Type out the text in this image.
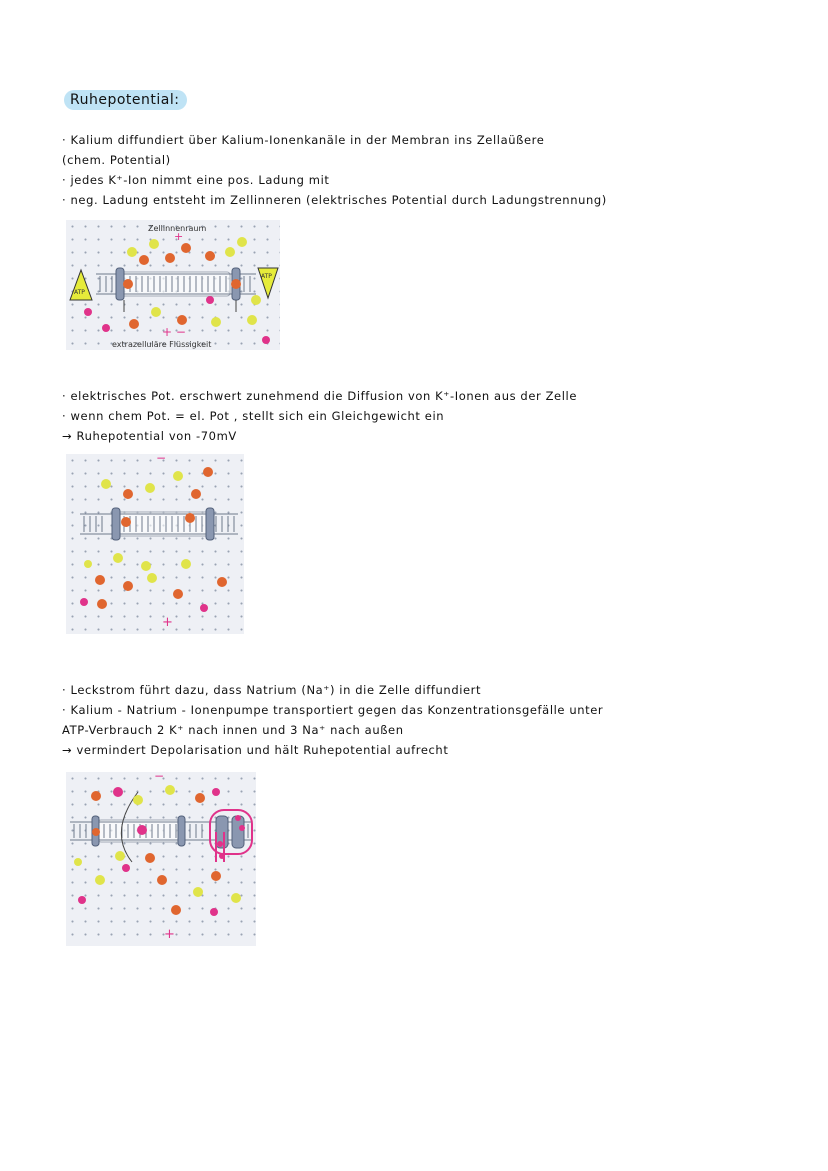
Ruhepotential:
· Kalium diffundiert über Kalium-Ionenkanäle in der Membran ins Zellaüßere
(chem. Potential)
· jedes K⁺-Ion nimmt eine pos. Ladung mit
· neg. Ladung entsteht im Zellinneren (elektrisches Potential durch Ladungstrennung)
Zellinnenraum
+
ATP
ATP
+ −
extrazelluläre Flüssigkeit
· elektrisches Pot. erschwert zunehmend die Diffusion von K⁺-Ionen aus der Zelle
· wenn chem Pot. = el. Pot , stellt sich ein Gleichgewicht ein
→ Ruhepotential von -70mV
−
+
· Leckstrom führt dazu, dass Natrium (Na⁺) in die Zelle diffundiert
· Kalium - Natrium - Ionenpumpe transportiert gegen das Konzentrationsgefälle unter
ATP-Verbrauch 2 K⁺ nach innen und 3 Na⁺ nach außen
→ vermindert Depolarisation und hält Ruhepotential aufrecht
−
+
